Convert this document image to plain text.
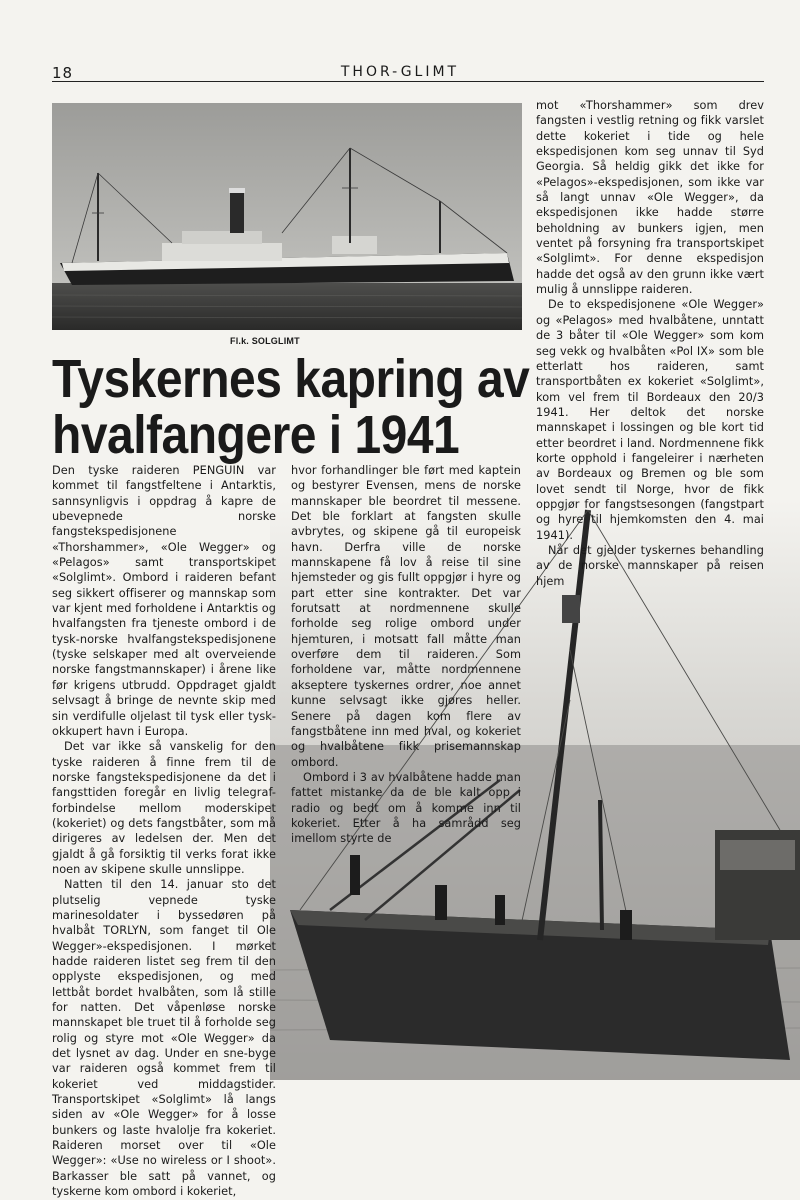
18	THOR-GLIMT
Fl.k. SOLGLIMT
Tyskernes kapring av hvalfangere i 1941

Den tyske raideren PENGUIN var kommet til fangstfeltene i Antarktis, sannsynligvis i oppdrag å kapre de ubevepnede norske fangstekspedisjonene «Thorshammer», «Ole Wegger» og «Pelagos» samt transportskipet «Solglimt». Ombord i raideren befant seg sikkert offiserer og mannskap som var kjent med forholdene i Antarktis og hvalfangsten fra tjeneste ombord i de tysk-norske hvalfangstekspedisjonene (tyske selskaper med alt overveiende norske fangstmannskaper) i årene like før krigens utbrudd. Oppdraget gjaldt selvsagt å bringe de nevnte skip med sin verdifulle oljelast til tysk eller tysk-okkupert havn i Europa.

Det var ikke så vanskelig for den tyske raideren å finne frem til de norske fangstekspedisjonene da det i fangsttiden foregår en livlig telegraf-forbindelse mellom moderskipet (kokeriet) og dets fangstbåter, som må dirigeres av ledelsen der. Men det gjaldt å gå forsiktig til verks forat ikke noen av skipene skulle unnslippe.

Natten til den 14. januar sto det plutselig vepnede tyske marinesoldater i byssedøren på hvalbåt TORLYN, som fanget til Ole Wegger»-ekspedisjonen. I mørket hadde raideren listet seg frem til den opplyste ekspedisjonen, og med lettbåt bordet hvalbåten, som lå stille for natten. Det våpenløse norske mannskapet ble truet til å forholde seg rolig og styre mot «Ole Wegger» da det lysnet av dag. Under en sne-byge var raideren også kommet frem til kokeriet ved middagstider. Transportskipet «Solglimt» lå langs siden av «Ole Wegger» for å losse bunkers og laste hvalolje fra kokeriet. Raideren morset over til «Ole Wegger»: «Use no wireless or I shoot». Barkasser ble satt på vannet, og tyskerne kom ombord i kokeriet,

hvor forhandlinger ble ført med kaptein og bestyrer Evensen, mens de norske mannskaper ble beordret til messene. Det ble forklart at fangsten skulle avbrytes, og skipene gå til europeisk havn. Derfra ville de norske mannskapene få lov å reise til sine hjemsteder og gis fullt oppgjør i hyre og part etter sine kontrakter. Det var forutsatt at nordmennene skulle forholde seg rolige ombord under hjemturen, i motsatt fall måtte man overføre dem til raideren. Som forholdene var, måtte nordmennene akseptere tyskernes ordrer, noe annet kunne selvsagt ikke gjøres heller. Senere på dagen kom flere av fangstbåtene inn med hval, og kokeriet og hvalbåtene fikk prisemannskap ombord.

Ombord i 3 av hvalbåtene hadde man fattet mistanke da de ble kalt opp i radio og bedt om å komme inn til kokeriet. Etter å ha samrådd seg imellom styrte de

mot «Thorshammer» som drev fangsten i vestlig retning og fikk varslet dette kokeriet i tide og hele ekspedisjonen kom seg unnav til Syd Georgia. Så heldig gikk det ikke for «Pelagos»-ekspedisjonen, som ikke var så langt unnav «Ole Wegger», da ekspedisjonen ikke hadde større beholdning av bunkers igjen, men ventet på forsyning fra transportskipet «Solglimt». For denne ekspedisjon hadde det også av den grunn ikke vært mulig å unnslippe raideren.

De to ekspedisjonene «Ole Wegger» og «Pelagos» med hvalbåtene, unntatt de 3 båter til «Ole Wegger» som kom seg vekk og hvalbåten «Pol IX» som ble etterlatt hos raideren, samt transportbåten ex kokeriet «Solglimt», kom vel frem til Bordeaux den 20/3 1941. Her deltok det norske mannskapet i lossingen og ble kort tid etter beordret i land. Nordmennene fikk korte opphold i fangeleirer i nærheten av Bordeaux og Bremen og ble som lovet sendt til Norge, hvor de fikk oppgjør for fangstsesongen (fangstpart og hyre til hjemkomsten den 4. mai 1941).

Når det gjelder tyskernes behandling av de norske mannskaper på reisen hjem
